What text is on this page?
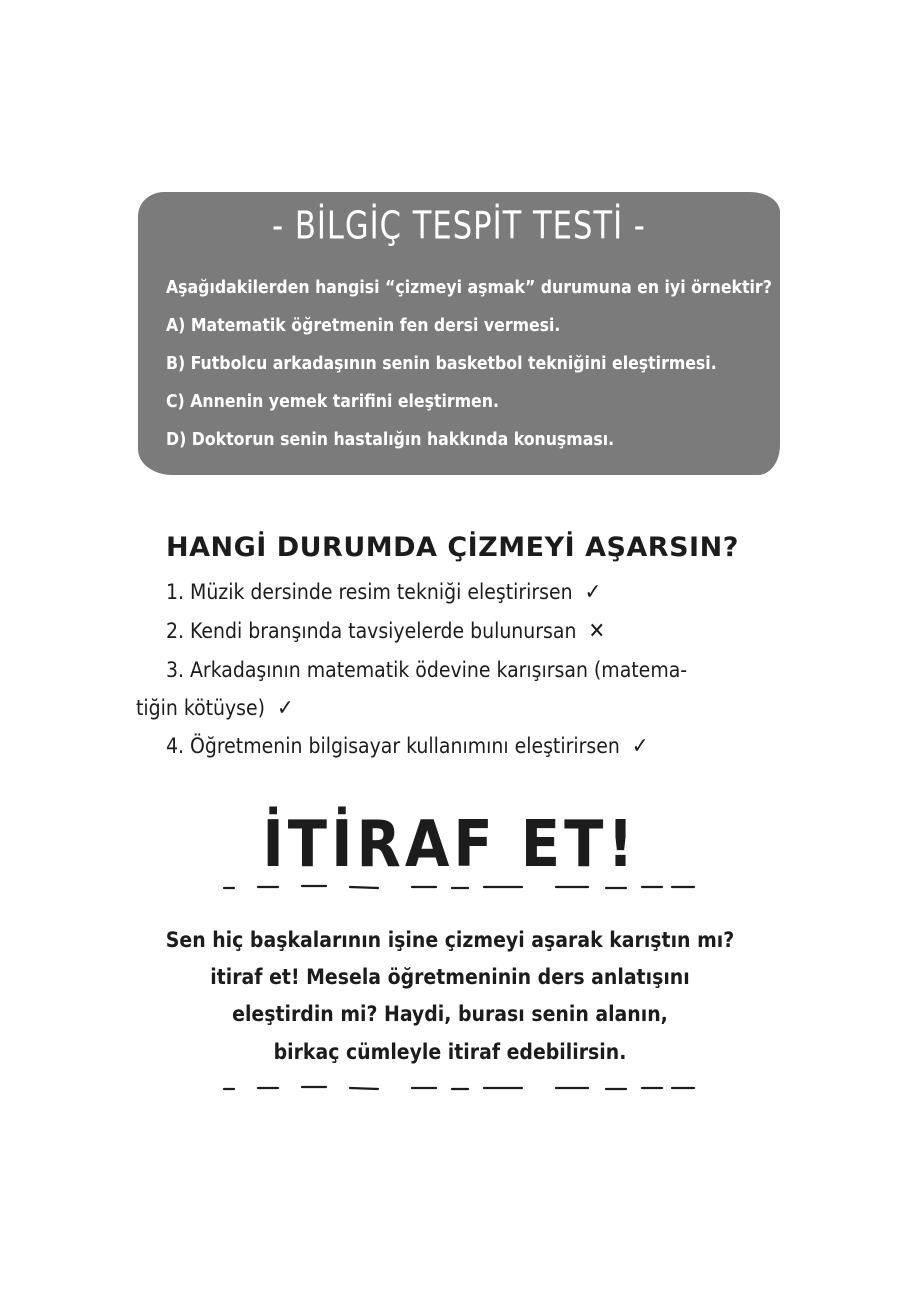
- BİLGİÇ TESPİT TESTİ -
Aşağıdakilerden hangisi “çizmeyi aşmak” durumuna en iyi örnektir?
A) Matematik öğretmenin fen dersi vermesi.
B) Futbolcu arkadaşının senin basketbol tekniğini eleştirmesi.
C) Annenin yemek tarifini eleştirmen.
D) Doktorun senin hastalığın hakkında konuşması.
HANGİ DURUMDA ÇİZMEYİ AŞARSIN?
1. Müzik dersinde resim tekniği eleştirirsen ✓
2. Kendi branşında tavsiyelerde bulunursan ✕
3. Arkadaşının matematik ödevine karışırsan (matema-
tiğin kötüyse) ✓
4. Öğretmenin bilgisayar kullanımını eleştirirsen ✓
İTİRAF ET!
Sen hiç başkalarının işine çizmeyi aşarak karıştın mı?
itiraf et! Mesela öğretmeninin ders anlatışını
eleştirdin mi? Haydi, burası senin alanın,
birkaç cümleyle itiraf edebilirsin.
